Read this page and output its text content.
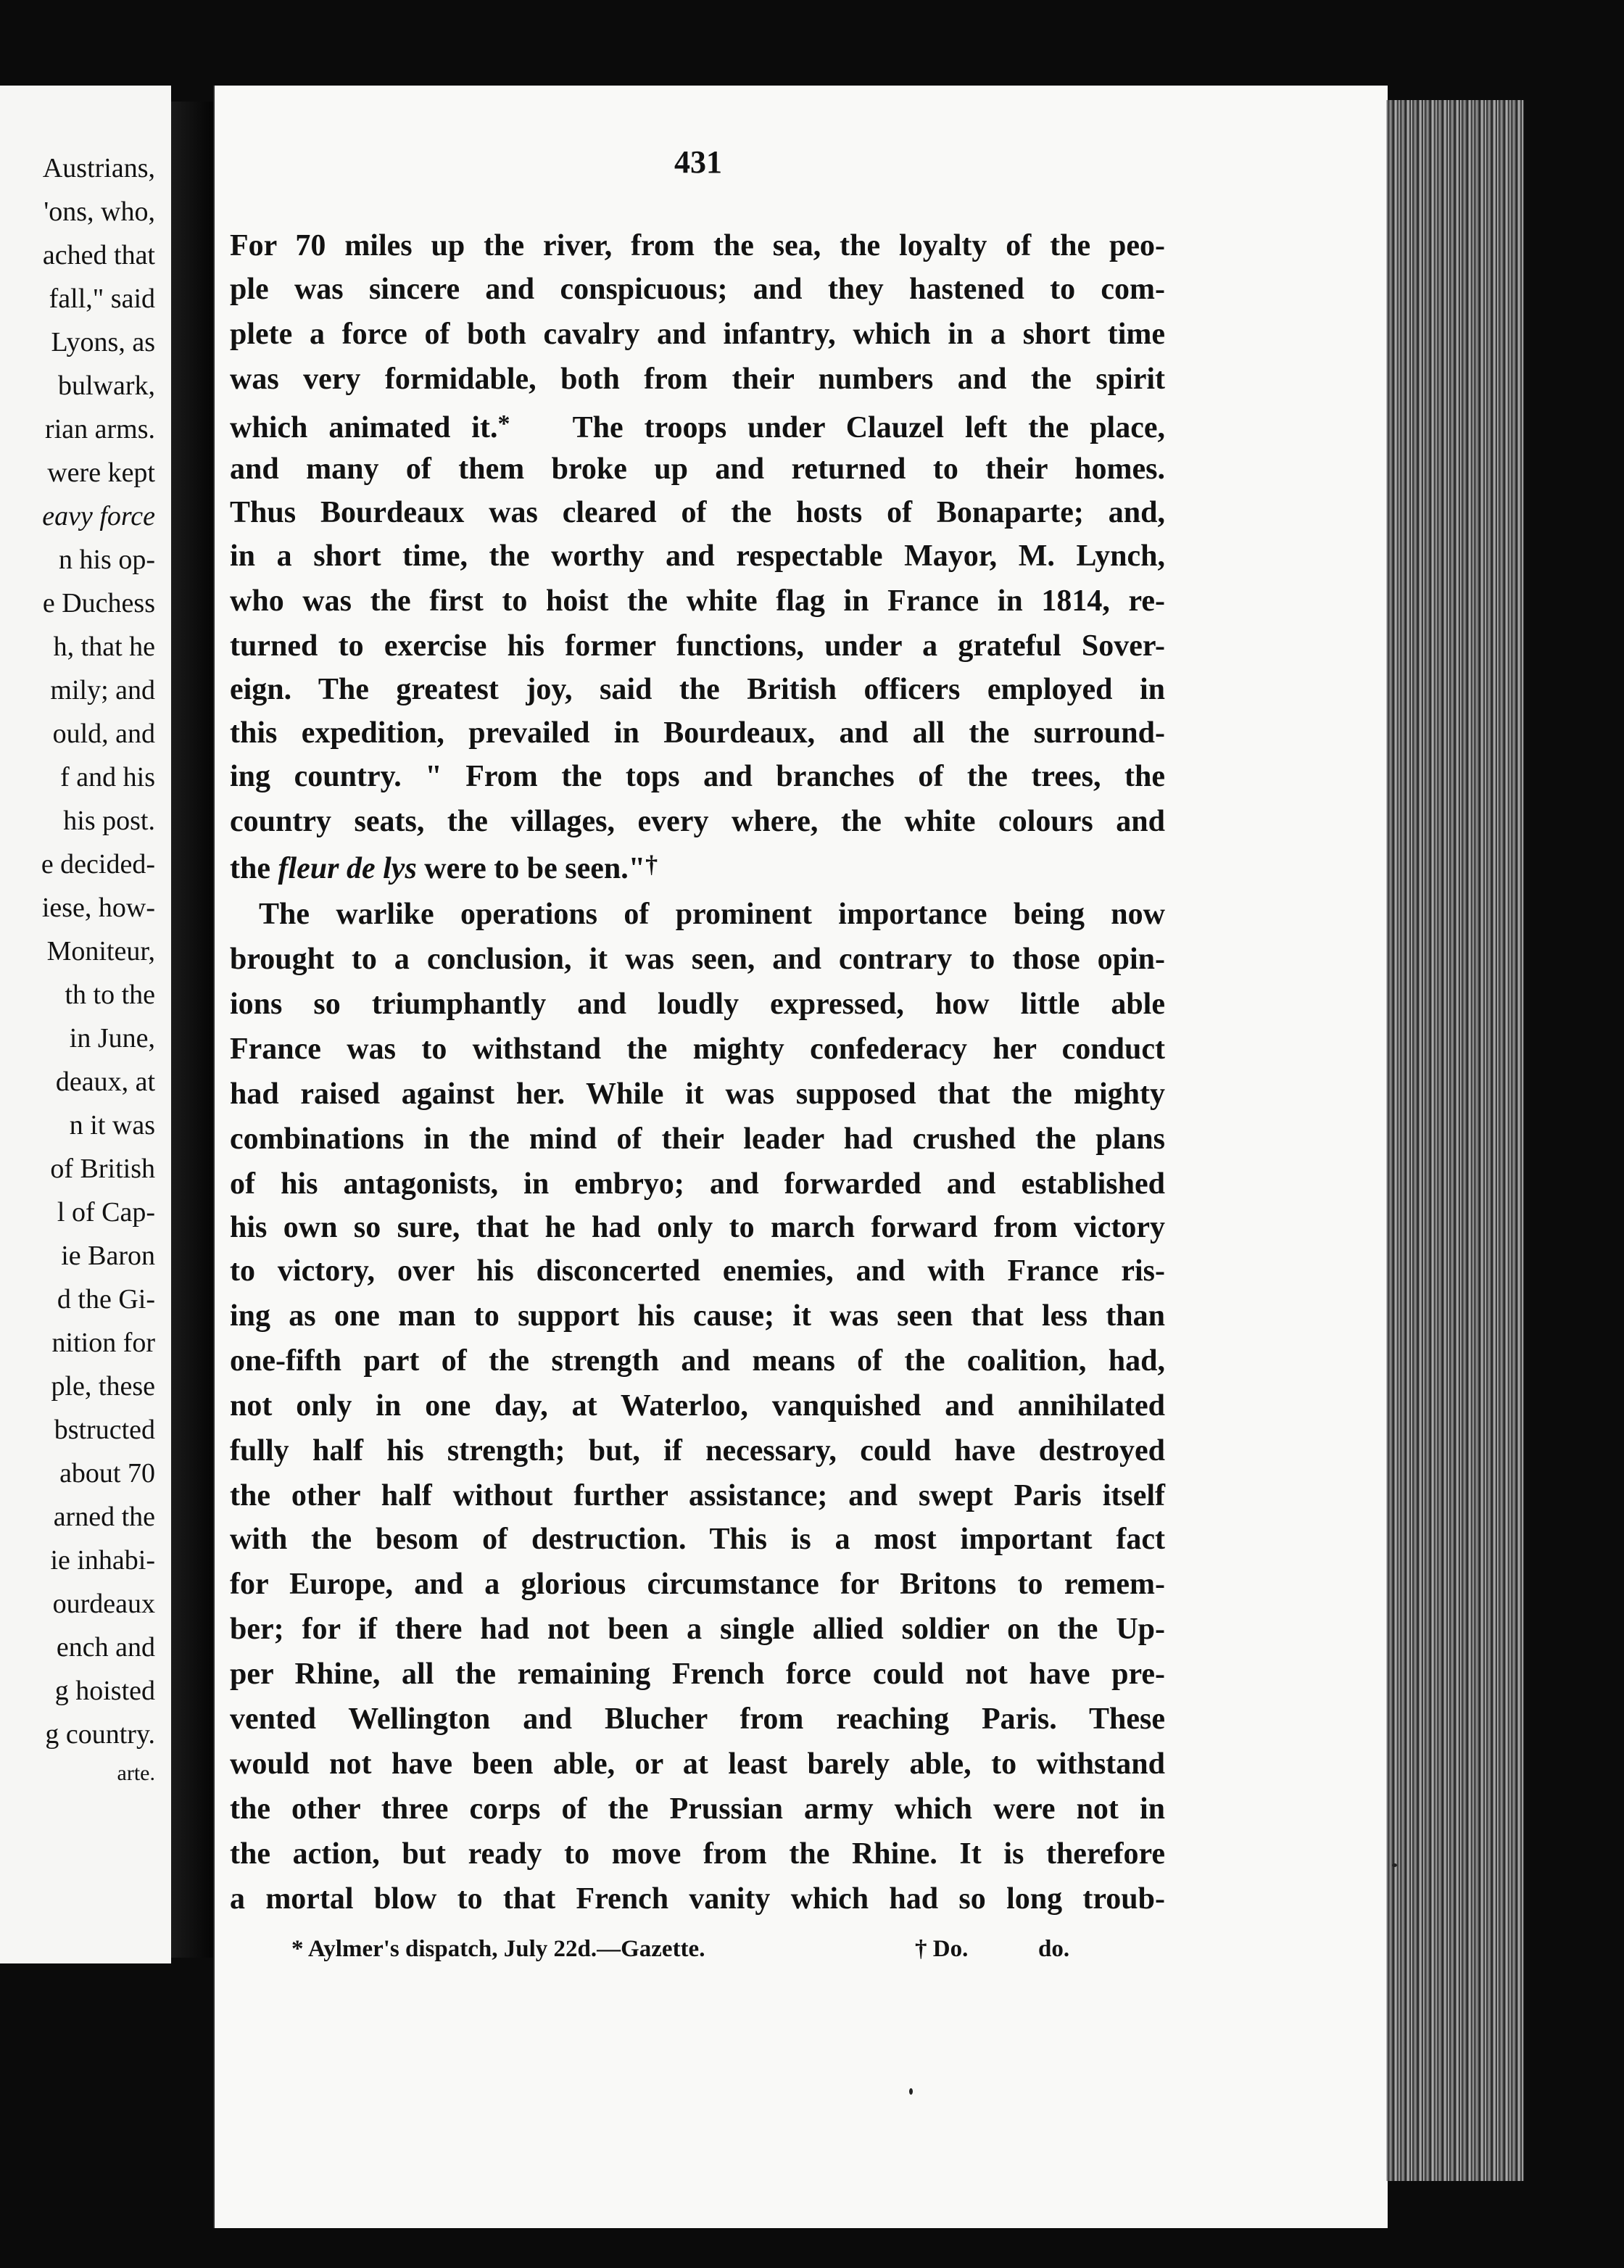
Austrians,
'ons, who,
ached that
fall," said
Lyons, as
bulwark,
rian arms.
were kept
eavy force
n his op-
e Duchess
h, that he
mily; and
ould, and
f and his
his post.
e decided-
iese, how-
Moniteur,
th to the
in June,
deaux, at
n it was
of British
l of Cap-
ie Baron
d the Gi-
nition for
ple, these
bstructed
about 70
arned the
ie inhabi-
ourdeaux
ench and
g hoisted
g country.
arte.
431
For 70 miles up the river, from the sea, the loyalty of the peo-
ple was sincere and conspicuous; and they hastened to com-
plete a force of both cavalry and infantry, which in a short time
was very formidable, both from their numbers and the spirit
which animated it.* The troops under Clauzel left the place,
and many of them broke up and returned to their homes.
Thus Bourdeaux was cleared of the hosts of Bonaparte; and,
in a short time, the worthy and respectable Mayor, M. Lynch,
who was the first to hoist the white flag in France in 1814, re-
turned to exercise his former functions, under a grateful Sover-
eign. The greatest joy, said the British officers employed in
this expedition, prevailed in Bourdeaux, and all the surround-
ing country. " From the tops and branches of the trees, the
country seats, the villages, every where, the white colours and
the fleur de lys were to be seen."†
The warlike operations of prominent importance being now
brought to a conclusion, it was seen, and contrary to those opin-
ions so triumphantly and loudly expressed, how little able
France was to withstand the mighty confederacy her conduct
had raised against her. While it was supposed that the mighty
combinations in the mind of their leader had crushed the plans
of his antagonists, in embryo; and forwarded and established
his own so sure, that he had only to march forward from victory
to victory, over his disconcerted enemies, and with France ris-
ing as one man to support his cause; it was seen that less than
one-fifth part of the strength and means of the coalition, had,
not only in one day, at Waterloo, vanquished and annihilated
fully half his strength; but, if necessary, could have destroyed
the other half without further assistance; and swept Paris itself
with the besom of destruction. This is a most important fact
for Europe, and a glorious circumstance for Britons to remem-
ber; for if there had not been a single allied soldier on the Up-
per Rhine, all the remaining French force could not have pre-
vented Wellington and Blucher from reaching Paris. These
would not have been able, or at least barely able, to withstand
the other three corps of the Prussian army which were not in
the action, but ready to move from the Rhine. It is therefore
a mortal blow to that French vanity which had so long troub-
* Aylmer's dispatch, July 22d.—Gazette.	† Do.	do.
